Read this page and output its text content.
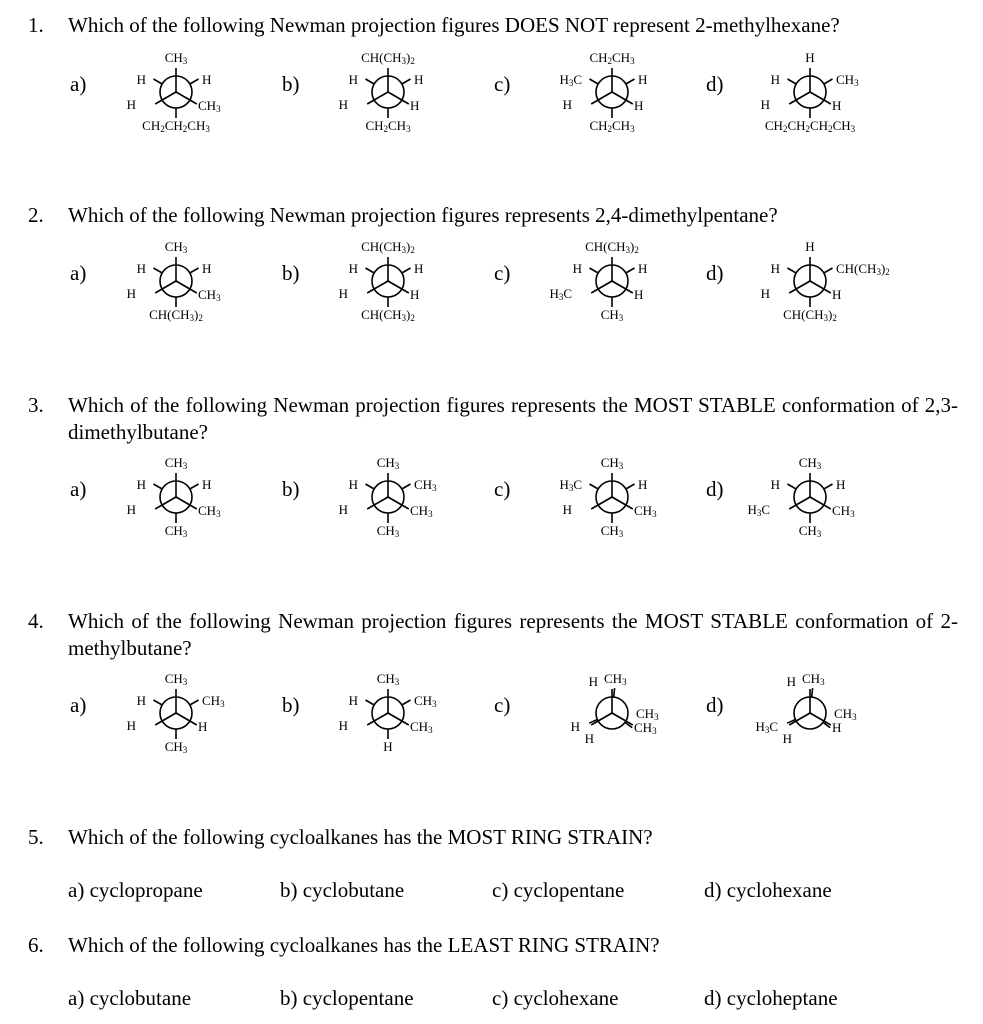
1. Which of the following Newman projection figures DOES NOT represent 2-methylhexane?
2. Which of the following Newman projection figures represents 2,4-dimethylpentane?
3. Which of the following Newman projection figures represents the MOST STABLE conformation of 2,3-dimethylbutane?
4. Which of the following Newman projection figures represents the MOST STABLE conformation of 2-methylbutane?
5. Which of the following cycloalkanes has the MOST RING STRAIN?
6. Which of the following cycloalkanes has the LEAST RING STRAIN?
a) cyclopropane	b) cyclobutane	c) cyclopentane	d) cyclohexane
a) cyclobutane	b) cyclopentane	c) cyclohexane	d) cycloheptane
a)
$CH_3$
H	$CH_3$
H	H
$CH_2CH_2CH_3$
b)
$CH(CH_3)_2$
H	H
H	H
$CH_2CH_3$
c)
$CH_2CH_3$
H	H
$H_3C$	H
$CH_2CH_3$
d)
H
H	H
H	$CH_3$
$CH_2CH_2CH_2CH_3$
a)
$CH_3$
H	$CH_3$
H	H
$CH(CH_3)_2$
b)
$CH(CH_3)_2$
H	H
H	H
$CH(CH_3)_2$
c)
$CH(CH_3)_2$
$H_3C$	H
H	H
$CH_3$
d)
H
H	H
H	$CH(CH_3)_2$
$CH(CH_3)_2$
a)
$CH_3$
H	$CH_3$
H	H
$CH_3$
b)
$CH_3$
H	$CH_3$
H	$CH_3$
$CH_3$
c)
$CH_3$
H	$CH_3$
$H_3C$	H
$CH_3$
d)
$CH_3$
$H_3C$	$CH_3$
H	H
$CH_3$
a)
$CH_3$
H	H
H	$CH_3$
$CH_3$
b)
$CH_3$
H	$CH_3$
H	$CH_3$
H
c)
H $CH_3$
H
H
$CH_3$
$CH_3$
d)
H $CH_3$
$H_3C$
H
$CH_3$
H
